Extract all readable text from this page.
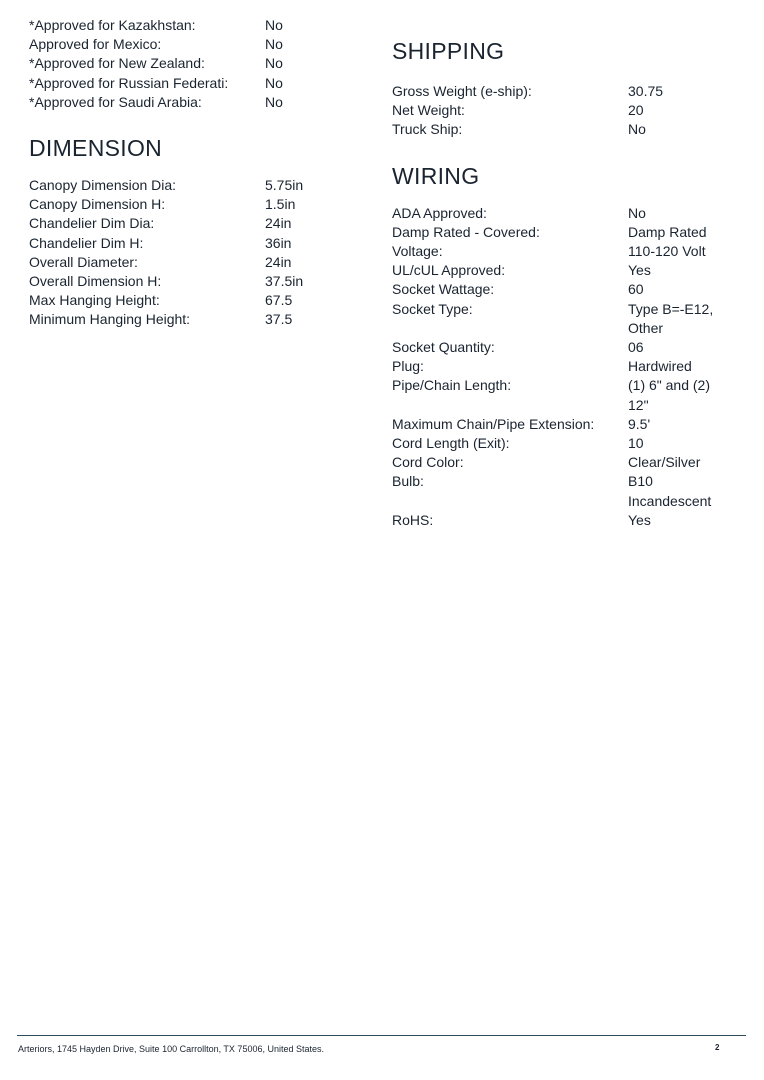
*Approved for Kazakhstan:	No
Approved for Mexico:	No
*Approved for New Zealand:	No
*Approved for Russian Federati:	No
*Approved for Saudi Arabia:	No
DIMENSION
Canopy Dimension Dia:	5.75in
Canopy Dimension H:	1.5in
Chandelier Dim Dia:	24in
Chandelier Dim H:	36in
Overall Diameter:	24in
Overall Dimension H:	37.5in
Max Hanging Height:	67.5
Minimum Hanging Height:	37.5
SHIPPING
Gross Weight (e-ship):	30.75
Net Weight:	20
Truck Ship:	No
WIRING
ADA Approved:	No
Damp Rated - Covered:	Damp Rated
Voltage:	110-120 Volt
UL/cUL Approved:	Yes
Socket Wattage:	60
Socket Type:	Type B=-E12, Other
Socket Quantity:	06
Plug:	Hardwired
Pipe/Chain Length:	(1) 6" and (2) 12"
Maximum Chain/Pipe Extension:	9.5'
Cord Length (Exit):	10
Cord Color:	Clear/Silver
Bulb:	B10 Incandescent
RoHS:	Yes
Arteriors, 1745 Hayden Drive, Suite 100 Carrollton, TX 75006, United States.	2
